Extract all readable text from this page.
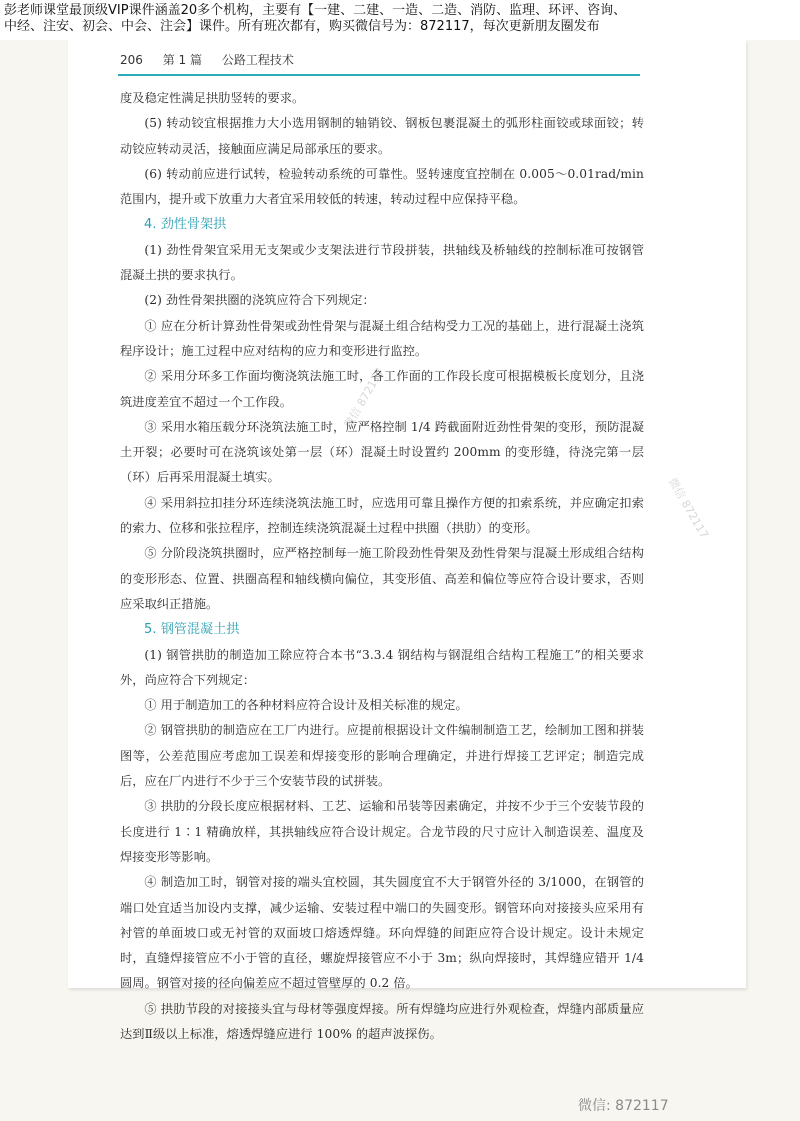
彭老师课堂最顶级VIP课件涵盖20多个机构，主要有【一建、二建、一造、二造、消防、监理、环评、咨询、
中经、注安、初会、中会、注会】课件。所有班次都有，购买微信号为：872117，每次更新朋友圈发布
206 第 1 篇 公路工程技术

度及稳定性满足拱肋竖转的要求。

(5) 转动铰宜根据推力大小选用钢制的轴销铰、钢板包裹混凝土的弧形柱面铰或球面铰；转动铰应转动灵活，接触面应满足局部承压的要求。

(6) 转动前应进行试转，检验转动系统的可靠性。竖转速度宜控制在 0.005～0.01rad/min 范围内，提升或下放重力大者宜采用较低的转速，转动过程中应保持平稳。

4. 劲性骨架拱

(1) 劲性骨架宜采用无支架或少支架法进行节段拼装，拱轴线及桥轴线的控制标准可按钢管混凝土拱的要求执行。

(2) 劲性骨架拱圈的浇筑应符合下列规定：

① 应在分析计算劲性骨架或劲性骨架与混凝土组合结构受力工况的基础上，进行混凝土浇筑程序设计；施工过程中应对结构的应力和变形进行监控。

② 采用分环多工作面均衡浇筑法施工时，各工作面的工作段长度可根据模板长度划分，且浇筑进度差宜不超过一个工作段。

③ 采用水箱压载分环浇筑法施工时，应严格控制 1/4 跨截面附近劲性骨架的变形，预防混凝土开裂；必要时可在浇筑该处第一层（环）混凝土时设置约 200mm 的变形缝，待浇完第一层（环）后再采用混凝土填实。

④ 采用斜拉扣挂分环连续浇筑法施工时，应选用可靠且操作方便的扣索系统，并应确定扣索的索力、位移和张拉程序，控制连续浇筑混凝土过程中拱圈（拱肋）的变形。

⑤ 分阶段浇筑拱圈时，应严格控制每一施工阶段劲性骨架及劲性骨架与混凝土形成组合结构的变形形态、位置、拱圈高程和轴线横向偏位，其变形值、高差和偏位等应符合设计要求，否则应采取纠正措施。

5. 钢管混凝土拱

(1) 钢管拱肋的制造加工除应符合本书“3.3.4 钢结构与钢混组合结构工程施工”的相关要求外，尚应符合下列规定：

① 用于制造加工的各种材料应符合设计及相关标准的规定。

② 钢管拱肋的制造应在工厂内进行。应提前根据设计文件编制制造工艺，绘制加工图和拼装图等，公差范围应考虑加工误差和焊接变形的影响合理确定，并进行焊接工艺评定；制造完成后，应在厂内进行不少于三个安装节段的试拼装。

③ 拱肋的分段长度应根据材料、工艺、运输和吊装等因素确定，并按不少于三个安装节段的长度进行 1∶1 精确放样，其拱轴线应符合设计规定。合龙节段的尺寸应计入制造误差、温度及焊接变形等影响。

④ 制造加工时，钢管对接的端头宜校圆，其失圆度宜不大于钢管外径的 3/1000，在钢管的端口处宜适当加设内支撑，减少运输、安装过程中端口的失圆变形。钢管环向对接接头应采用有衬管的单面坡口或无衬管的双面坡口熔透焊缝。环向焊缝的间距应符合设计规定。设计未规定时，直缝焊接管应不小于管的直径，螺旋焊接管应不小于 3m；纵向焊接时，其焊缝应错开 1/4 圆周。钢管对接的径向偏差应不超过管壁厚的 0.2 倍。

⑤ 拱肋节段的对接接头宜与母材等强度焊接。所有焊缝均应进行外观检查，焊缝内部质量应达到Ⅱ级以上标准，熔透焊缝应进行 100% 的超声波探伤。

微信 872117
微信 872117
微信: 872117
